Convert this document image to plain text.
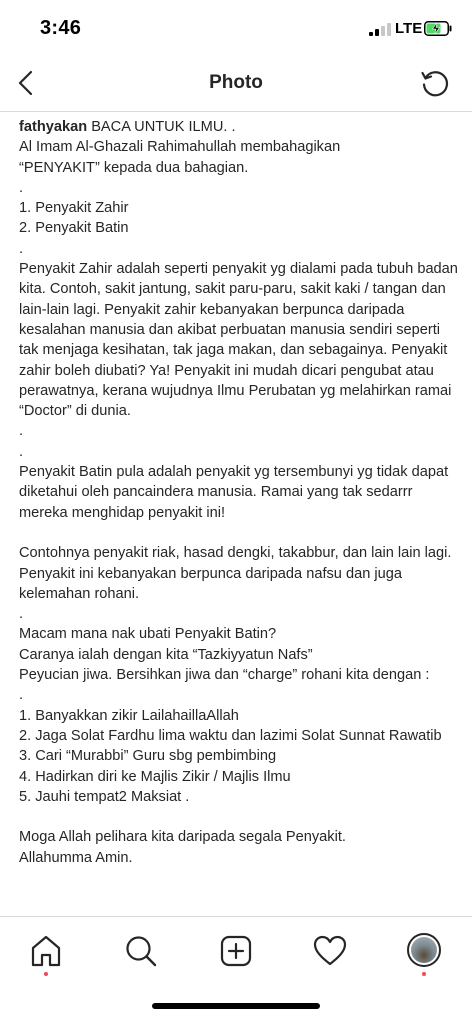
3:46	LTE
Photo
fathyakan BACA UNTUK ILMU. .
Al Imam Al-Ghazali Rahimahullah membahagikan
“PENYAKIT” kepada dua bahagian.
.
1. Penyakit Zahir
2. Penyakit Batin
.
Penyakit Zahir adalah seperti penyakit yg dialami pada tubuh badan kita. Contoh, sakit jantung, sakit paru-paru, sakit kaki / tangan dan lain-lain lagi. Penyakit zahir kebanyakan berpunca daripada kesalahan manusia dan akibat perbuatan manusia sendiri seperti tak menjaga kesihatan, tak jaga makan, dan sebagainya. Penyakit zahir boleh diubati? Ya! Penyakit ini mudah dicari pengubat atau perawatnya, kerana wujudnya Ilmu Perubatan yg melahirkan ramai “Doctor” di dunia.
.
.
Penyakit Batin pula adalah penyakit yg tersembunyi yg tidak dapat diketahui oleh pancaindera manusia. Ramai yang tak sedarrr mereka menghidap penyakit ini!

Contohnya penyakit riak, hasad dengki, takabbur, dan lain lain lagi. Penyakit ini kebanyakan berpunca daripada nafsu dan juga kelemahan rohani.
.
Macam mana nak ubati Penyakit Batin?
Caranya ialah dengan kita “Tazkiyyatun Nafs”
Peyucian jiwa. Bersihkan jiwa dan “charge” rohani kita dengan :
.
1. Banyakkan zikir LailahaillaAllah
2. Jaga Solat Fardhu lima waktu dan lazimi Solat Sunnat Rawatib
3. Cari “Murabbi” Guru sbg pembimbing
4. Hadirkan diri ke Majlis Zikir / Majlis Ilmu
5. Jauhi tempat2 Maksiat .

Moga Allah pelihara kita daripada segala Penyakit.
Allahumma Amin.
